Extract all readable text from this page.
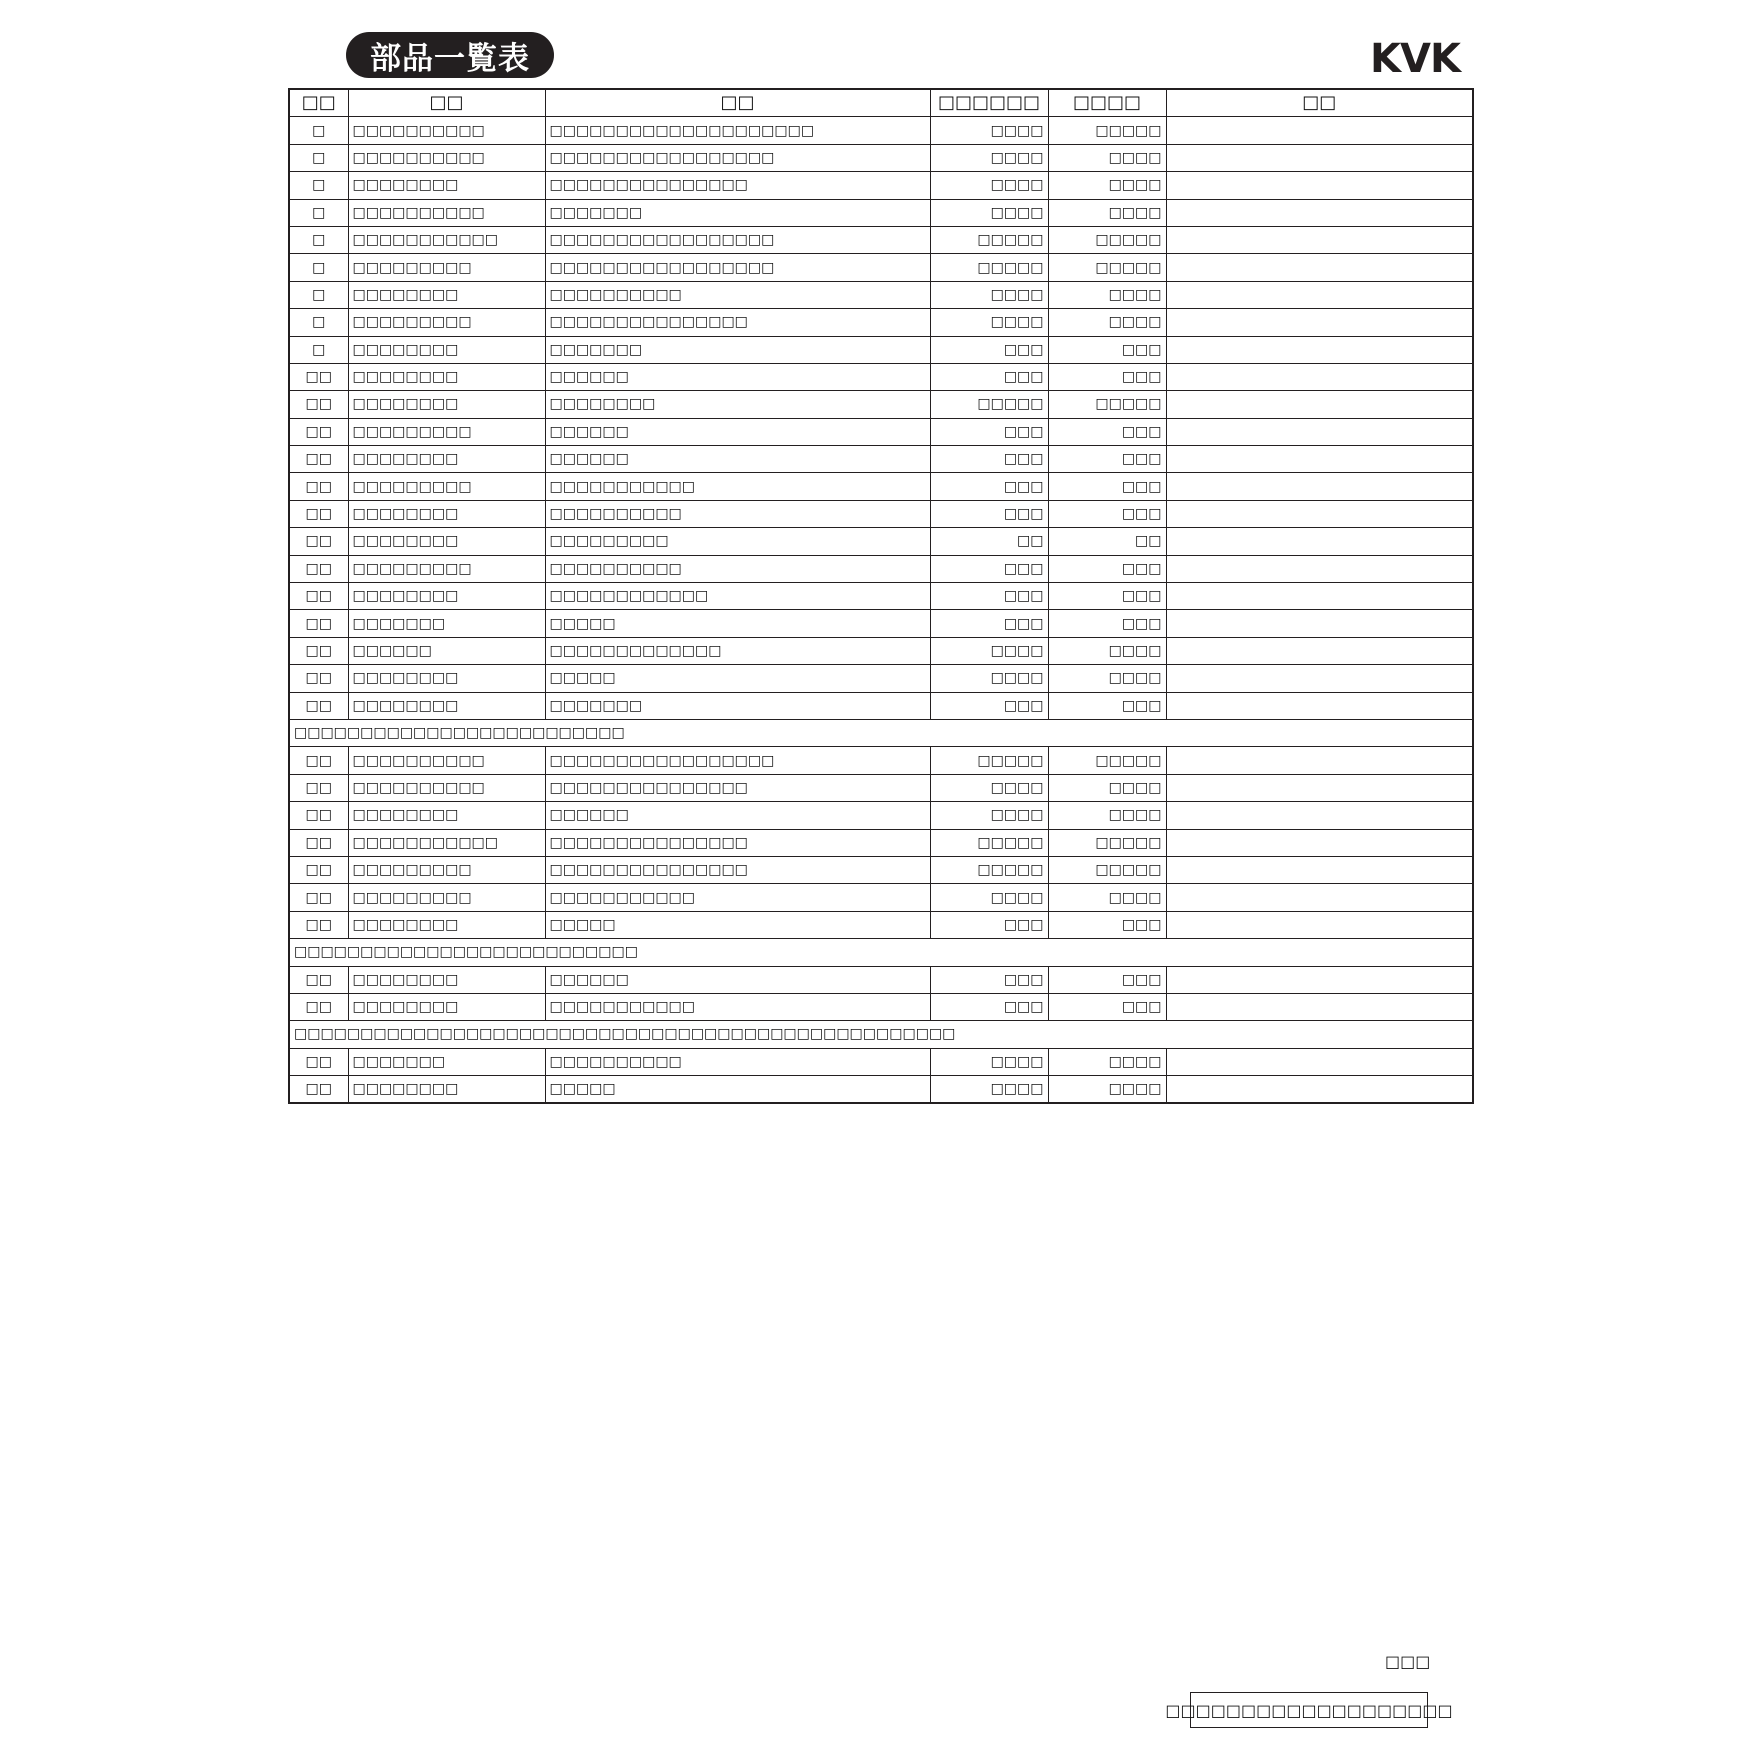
部品一覧表	KVK
□□	□□	□□	□□□□□□	□□□□	□□
□	□□□□□□□□□□	□□□□□□□□□□□□□□□□□□□□	□□□□	□□□□□	
□	□□□□□□□□□□	□□□□□□□□□□□□□□□□□	□□□□	□□□□	
□	□□□□□□□□	□□□□□□□□□□□□□□□	□□□□	□□□□	
□	□□□□□□□□□□	□□□□□□□	□□□□	□□□□	
□	□□□□□□□□□□□	□□□□□□□□□□□□□□□□□	□□□□□	□□□□□	
□	□□□□□□□□□	□□□□□□□□□□□□□□□□□	□□□□□	□□□□□	
□	□□□□□□□□	□□□□□□□□□□	□□□□	□□□□	
□	□□□□□□□□□	□□□□□□□□□□□□□□□	□□□□	□□□□	
□	□□□□□□□□	□□□□□□□	□□□	□□□	
□□	□□□□□□□□	□□□□□□	□□□	□□□	
□□	□□□□□□□□	□□□□□□□□	□□□□□	□□□□□	
□□	□□□□□□□□□	□□□□□□	□□□	□□□	
□□	□□□□□□□□	□□□□□□	□□□	□□□	
□□	□□□□□□□□□	□□□□□□□□□□□	□□□	□□□	
□□	□□□□□□□□	□□□□□□□□□□	□□□	□□□	
□□	□□□□□□□□	□□□□□□□□□	□□	□□	
□□	□□□□□□□□□	□□□□□□□□□□	□□□	□□□	
□□	□□□□□□□□	□□□□□□□□□□□□	□□□	□□□	
□□	□□□□□□□	□□□□□	□□□	□□□	
□□	□□□□□□	□□□□□□□□□□□□□	□□□□	□□□□	
□□	□□□□□□□□	□□□□□	□□□□	□□□□	
□□	□□□□□□□□	□□□□□□□	□□□	□□□	
□□□□□□□□□□□□□□□□□□□□□□□□□					
□□	□□□□□□□□□□	□□□□□□□□□□□□□□□□□	□□□□□	□□□□□	
□□	□□□□□□□□□□	□□□□□□□□□□□□□□□	□□□□	□□□□	
□□	□□□□□□□□	□□□□□□	□□□□	□□□□	
□□	□□□□□□□□□□□	□□□□□□□□□□□□□□□	□□□□□	□□□□□	
□□	□□□□□□□□□	□□□□□□□□□□□□□□□	□□□□□	□□□□□	
□□	□□□□□□□□□	□□□□□□□□□□□	□□□□	□□□□	
□□	□□□□□□□□	□□□□□	□□□	□□□	
□□□□□□□□□□□□□□□□□□□□□□□□□□					
□□	□□□□□□□□	□□□□□□	□□□	□□□	
□□	□□□□□□□□	□□□□□□□□□□□	□□□	□□□	
□□□□□□□□□□□□□□□□□□□□□□□□□□□□□□□□□□□□□□□□□□□□□□□□□□					
□□	□□□□□□□	□□□□□□□□□□	□□□□	□□□□	
□□	□□□□□□□□	□□□□□	□□□□	□□□□	
□□□
□□□□□□□□□□□□□□□□□□□
